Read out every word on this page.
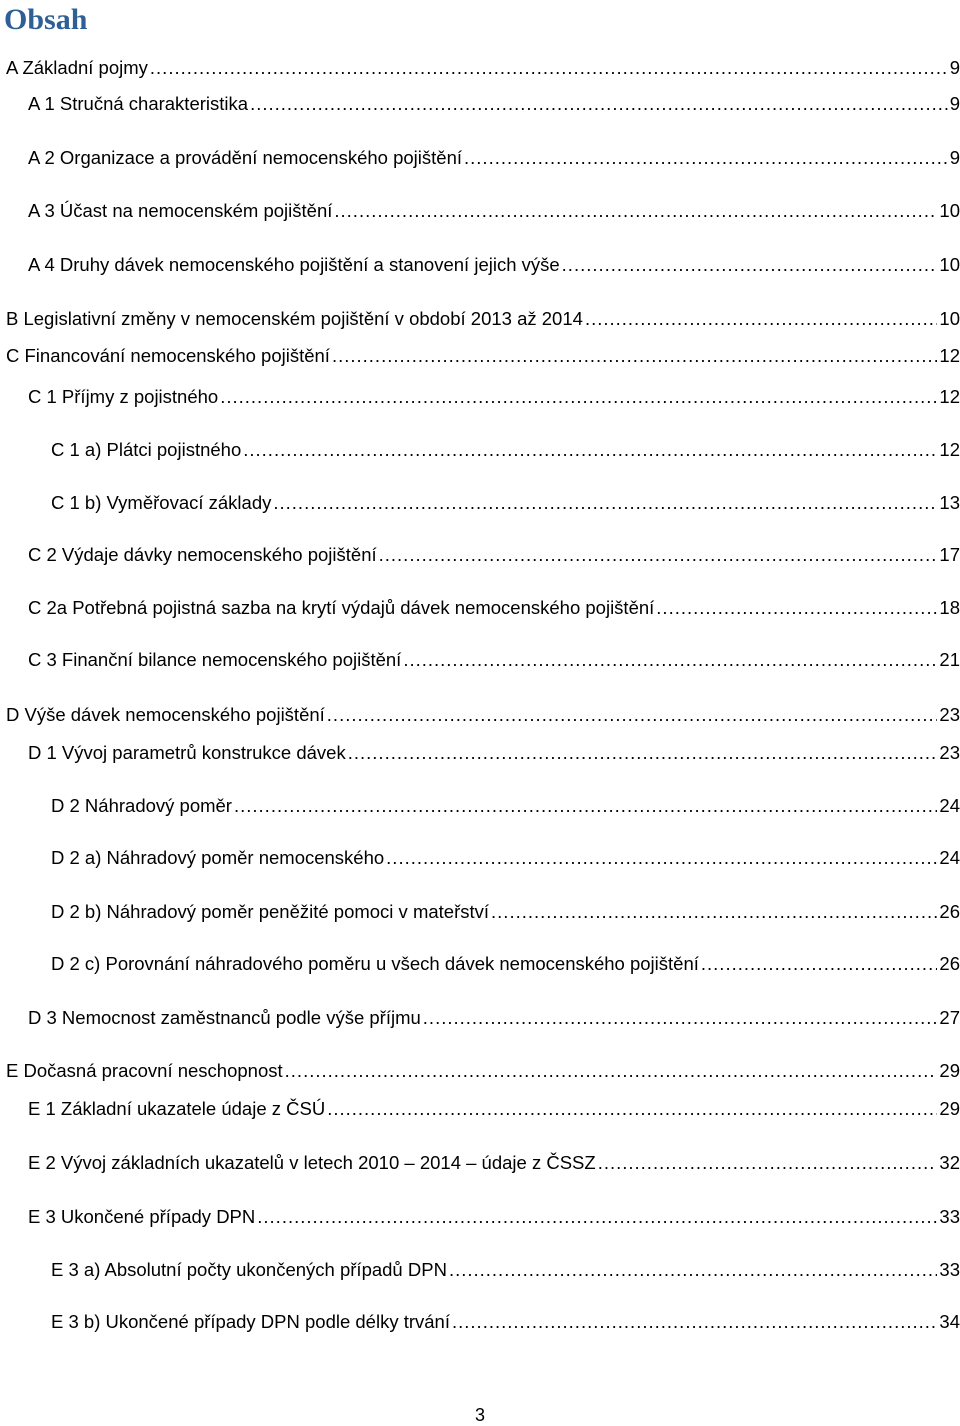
Obsah
A Základní pojmy .....	9
A 1 Stručná charakteristika .....	9
A 2 Organizace a provádění nemocenského pojištění .....	9
A 3 Účast na nemocenském pojištění .....	10
A 4 Druhy dávek nemocenského pojištění a stanovení jejich výše .....	10
B Legislativní změny v nemocenském pojištění v období 2013 až 2014 .....	10
C Financování nemocenského pojištění .....	12
C 1 Příjmy z pojistného .....	12
C 1 a) Plátci pojistného .....	12
C 1 b) Vyměřovací základy .....	13
C 2 Výdaje dávky nemocenského pojištění .....	17
C 2a Potřebná pojistná sazba na krytí výdajů dávek nemocenského pojištění .....	18
C 3 Finanční bilance nemocenského pojištění .....	21
D Výše dávek nemocenského pojištění .....	23
D 1 Vývoj parametrů konstrukce dávek .....	23
D 2 Náhradový poměr .....	24
D 2 a) Náhradový poměr nemocenského .....	24
D 2 b) Náhradový poměr peněžité pomoci v mateřství .....	26
D 2 c) Porovnání náhradového poměru u všech dávek nemocenského pojištění .....	26
D 3 Nemocnost zaměstnanců podle výše příjmu .....	27
E Dočasná pracovní neschopnost .....	29
E 1 Základní ukazatele údaje z ČSÚ .....	29
E 2 Vývoj základních ukazatelů v letech 2010 – 2014 – údaje z ČSSZ .....	32
E 3 Ukončené případy DPN .....	33
E 3 a) Absolutní počty ukončených případů DPN .....	33
E 3 b) Ukončené případy DPN podle délky trvání .....	34
3
